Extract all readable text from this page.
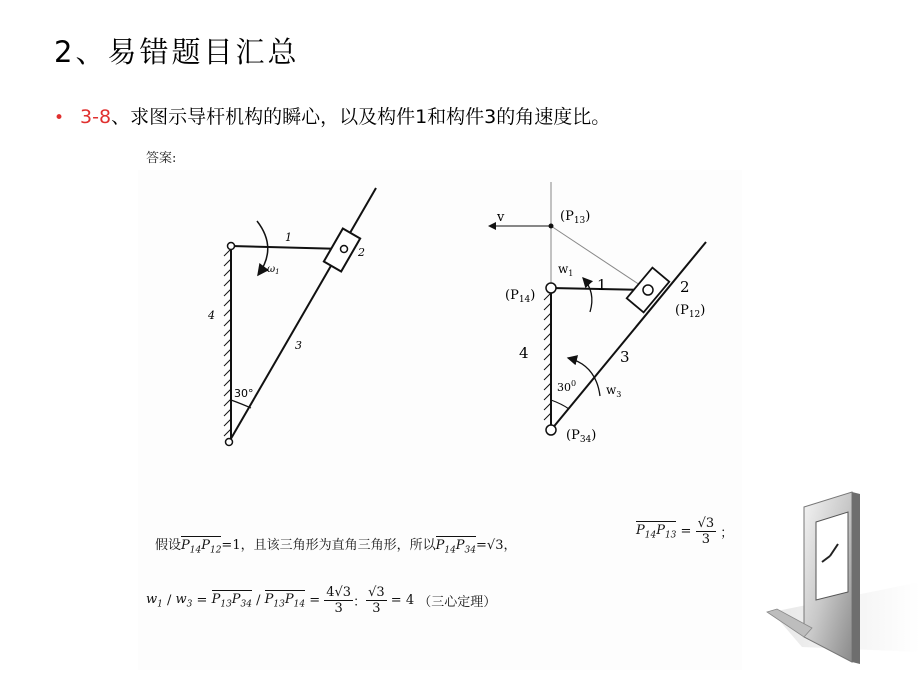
2、易错题目汇总
• 3-8、求图示导杆机构的瞬心，以及构件1和构件3的角速度比。
答案:
1
2
3
4
$\omega_1$
30°
v	$(P_{13})$
$(P_{14})$
$(P_{12})$
$(P_{34})$
$w_1$
1	2
3
4
$w_3$
$30^0$
假设$P_{14}P_{12}=1$，且该三角形为直角三角形，所以$P_{14}P_{34}=√3$，
$P_{14}P_{13} = \frac{√3}{3}$ ；
$w_1 / w_3 = P_{13}P_{34} / P_{13}P_{14} = \frac{4√3}{3}$ ： $\frac{√3}{3} = 4$ （三心定理）
